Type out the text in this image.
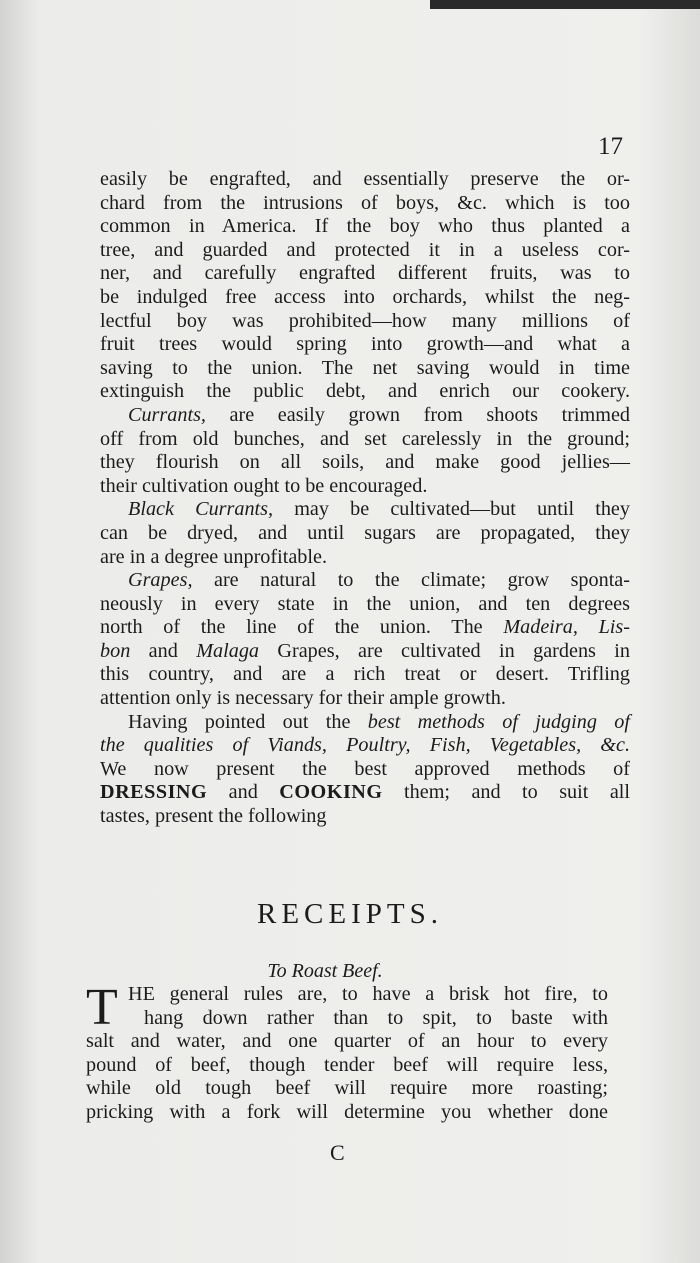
17
easily be engrafted, and essentially preserve the or-
chard from the intrusions of boys, &c. which is too
common in America. If the boy who thus planted a
tree, and guarded and protected it in a useless cor-
ner, and carefully engrafted different fruits, was to
be indulged free access into orchards, whilst the neg-
lectful boy was prohibited—how many millions of
fruit trees would spring into growth—and what a
saving to the union. The net saving would in time
extinguish the public debt, and enrich our cookery.
Currants, are easily grown from shoots trimmed
off from old bunches, and set carelessly in the ground;
they flourish on all soils, and make good jellies—
their cultivation ought to be encouraged.
Black Currants, may be cultivated—but until they
can be dryed, and until sugars are propagated, they
are in a degree unprofitable.
Grapes, are natural to the climate; grow sponta-
neously in every state in the union, and ten degrees
north of the line of the union. The Madeira, Lis-
bon and Malaga Grapes, are cultivated in gardens in
this country, and are a rich treat or desert. Trifling
attention only is necessary for their ample growth.
Having pointed out the best methods of judging of
the qualities of Viands, Poultry, Fish, Vegetables, &c.
We now present the best approved methods of
DRESSING and COOKING them; and to suit all
tastes, present the following
RECEIPTS.
To Roast Beef.
T HE general rules are, to have a brisk hot fire, to
hang down rather than to spit, to baste with
salt and water, and one quarter of an hour to every
pound of beef, though tender beef will require less,
while old tough beef will require more roasting;
pricking with a fork will determine you whether done
C
